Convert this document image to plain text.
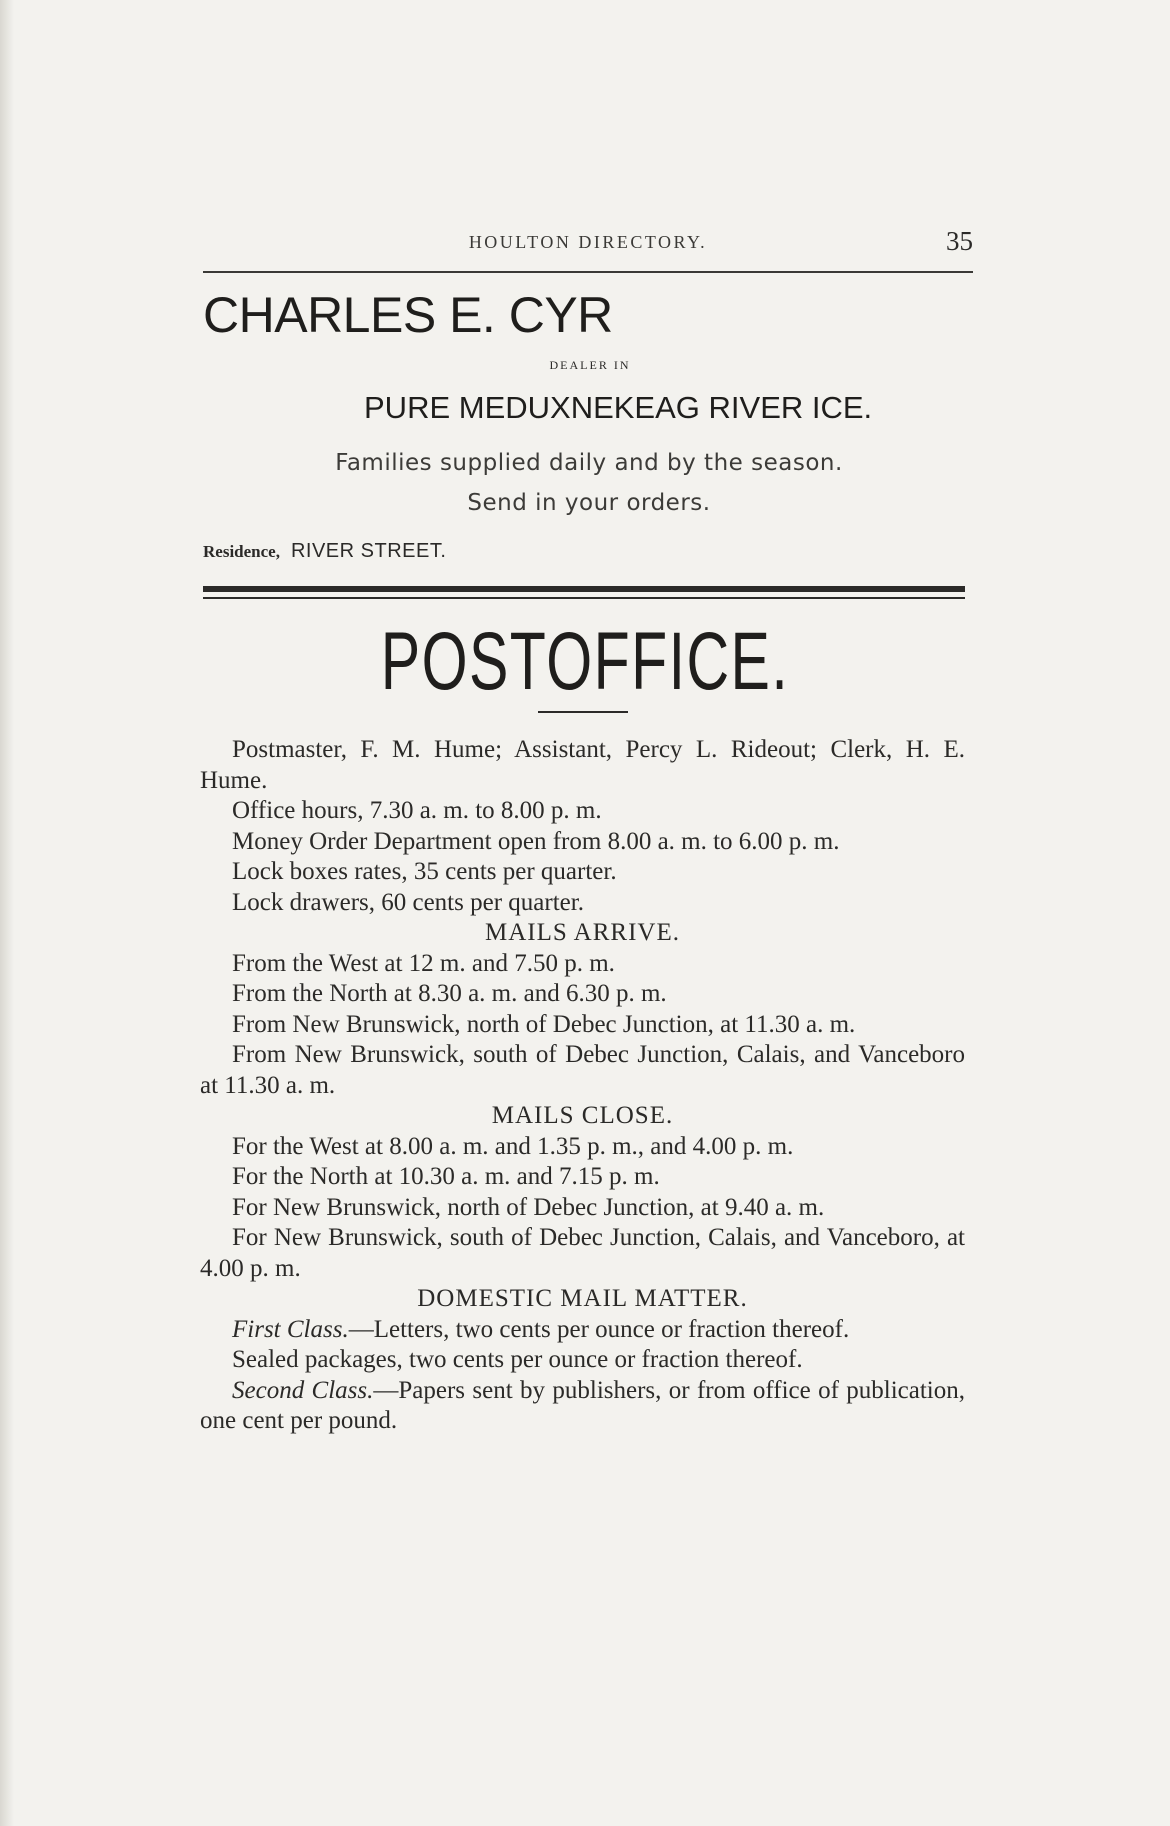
HOULTON DIRECTORY.	35
CHARLES E. CYR
DEALER IN
PURE MEDUXNEKEAG RIVER ICE.
Families supplied daily and by the season.
Send in your orders.
Residence, RIVER STREET.
POSTOFFICE.

Postmaster, F. M. Hume; Assistant, Percy L. Rideout; Clerk, H. E. Hume.

Office hours, 7.30 a. m. to 8.00 p. m.

Money Order Department open from 8.00 a. m. to 6.00 p. m.

Lock boxes rates, 35 cents per quarter.

Lock drawers, 60 cents per quarter.

MAILS ARRIVE.

From the West at 12 m. and 7.50 p. m.

From the North at 8.30 a. m. and 6.30 p. m.

From New Brunswick, north of Debec Junction, at 11.30 a. m.

From New Brunswick, south of Debec Junction, Calais, and Vanceboro at 11.30 a. m.

MAILS CLOSE.

For the West at 8.00 a. m. and 1.35 p. m., and 4.00 p. m.

For the North at 10.30 a. m. and 7.15 p. m.

For New Brunswick, north of Debec Junction, at 9.40 a. m.

For New Brunswick, south of Debec Junction, Calais, and Vanceboro, at 4.00 p. m.

DOMESTIC MAIL MATTER.

First Class.—Letters, two cents per ounce or fraction thereof.

Sealed packages, two cents per ounce or fraction thereof.

Second Class.—Papers sent by publishers, or from office of publication, one cent per pound.
